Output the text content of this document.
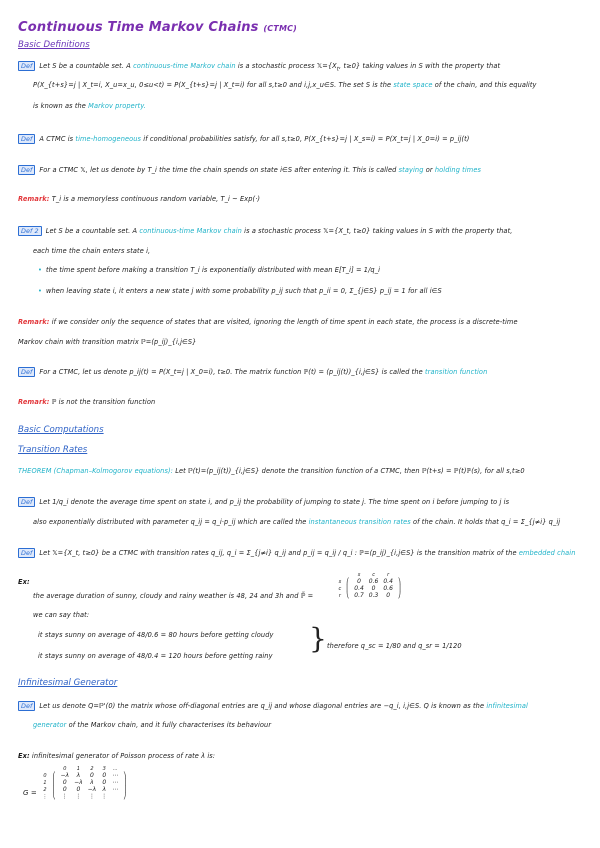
Continuous Time Markov Chains (CTMC)
Basic Definitions
Def Let S be a countable set. A continuous-time Markov chain is a stochastic process $𝕏=\{X_t$, t≥0} taking values in S with the property that
P(X_{t+s}=j | X_t=i, X_u=x_u, 0≤u<t) = P(X_{t+s}=j | X_t=i) for all s,t≥0 and i,j,x_u∈S. The set S is the state space of the chain, and this equality
is known as the Markov property.
Def A CTMC is time-homogeneous if conditional probabilities satisfy, for all s,t≥0, P(X_{t+s}=j | X_s=i) = P(X_t=j | X_0=i) = p_ij(t)
Def For a CTMC 𝕏, let us denote by T_i the time the chain spends on state i∈S after entering it. This is called staying or holding times
Remark: T_i is a memoryless continuous random variable, T_i ~ Exp(·)
Def 2 Let S be a countable set. A continuous-time Markov chain is a stochastic process 𝕏={X_t, t≥0} taking values in S with the property that,
each time the chain enters state i,
• the time spent before making a transition T_i is exponentially distributed with mean E[T_i] = 1/q_i
• when leaving state i, it enters a new state j with some probability p_ij such that p_ii = 0, Σ_{j∈S} p_ij = 1 for all i∈S
Remark: if we consider only the sequence of states that are visited, ignoring the length of time spent in each state, the process is a discrete-time
Markov chain with transition matrix ℙ=(p_ij)_{i,j∈S}
Def For a CTMC, let us denote p_ij(t) = P(X_t=j | X_0=i), t≥0. The matrix function ℙ(t) = (p_ij(t))_{i,j∈S} is called the transition function
Remark: ℙ is not the transition function
Basic Computations
Transition Rates
THEOREM (Chapman–Kolmogorov equations): Let ℙ(t)=(p_ij(t))_{i,j∈S} denote the transition function of a CTMC, then ℙ(t+s) = ℙ(t)ℙ(s), for all s,t≥0
Def Let 1/q_i denote the average time spent on state i, and p_ij the probability of jumping to state j. The time spent on i before jumping to j is
also exponentially distributed with parameter q_ij = q_i·p_ij which are called the instantaneous transition rates of the chain. It holds that q_i = Σ_{j≠i} q_ij
Def Let 𝕏={X_t, t≥0} be a CTMC with transition rates q_ij, q_i = Σ_{j≠i} q_ij and p_ij = q_ij / q_i : ℙ=(p_ij)_{i,j∈S} is the transition matrix of the embedded chain
Ex:
the average duration of sunny, cloudy and rainy weather is 48, 24 and 3h and ℙ̃ =
		s	c	r	
s	⎛	0	0.6	0.4	⎞
c	⎜	0.4	0	0.6	⎟
r	⎝	0.7	0.3	0	⎠
we can say that:
it stays sunny on average of 48/0.6 = 80 hours before getting cloudy
it stays sunny on average of 48/0.4 = 120 hours before getting rainy
} therefore q_sc = 1/80 and q_sr = 1/120
Infinitesimal Generator
Def Let us denote Q=ℙ'(0) the matrix whose off-diagonal entries are q_ij and whose diagonal entries are −q_i, i,j∈S. Q is known as the infinitesimal
generator of the Markov chain, and it fully characterises its behaviour
Ex: infinitesimal generator of Poisson process of rate λ is:
G =
		0	1	2	3	…	
0	⎛	−λ	λ	0	0	⋯	⎞
1	⎜	0	−λ	λ	0	⋯	⎟
2	⎜	0	0	−λ	λ	⋯	⎟
⋮	⎝	⋮	⋮	⋮	⋮		⎠
